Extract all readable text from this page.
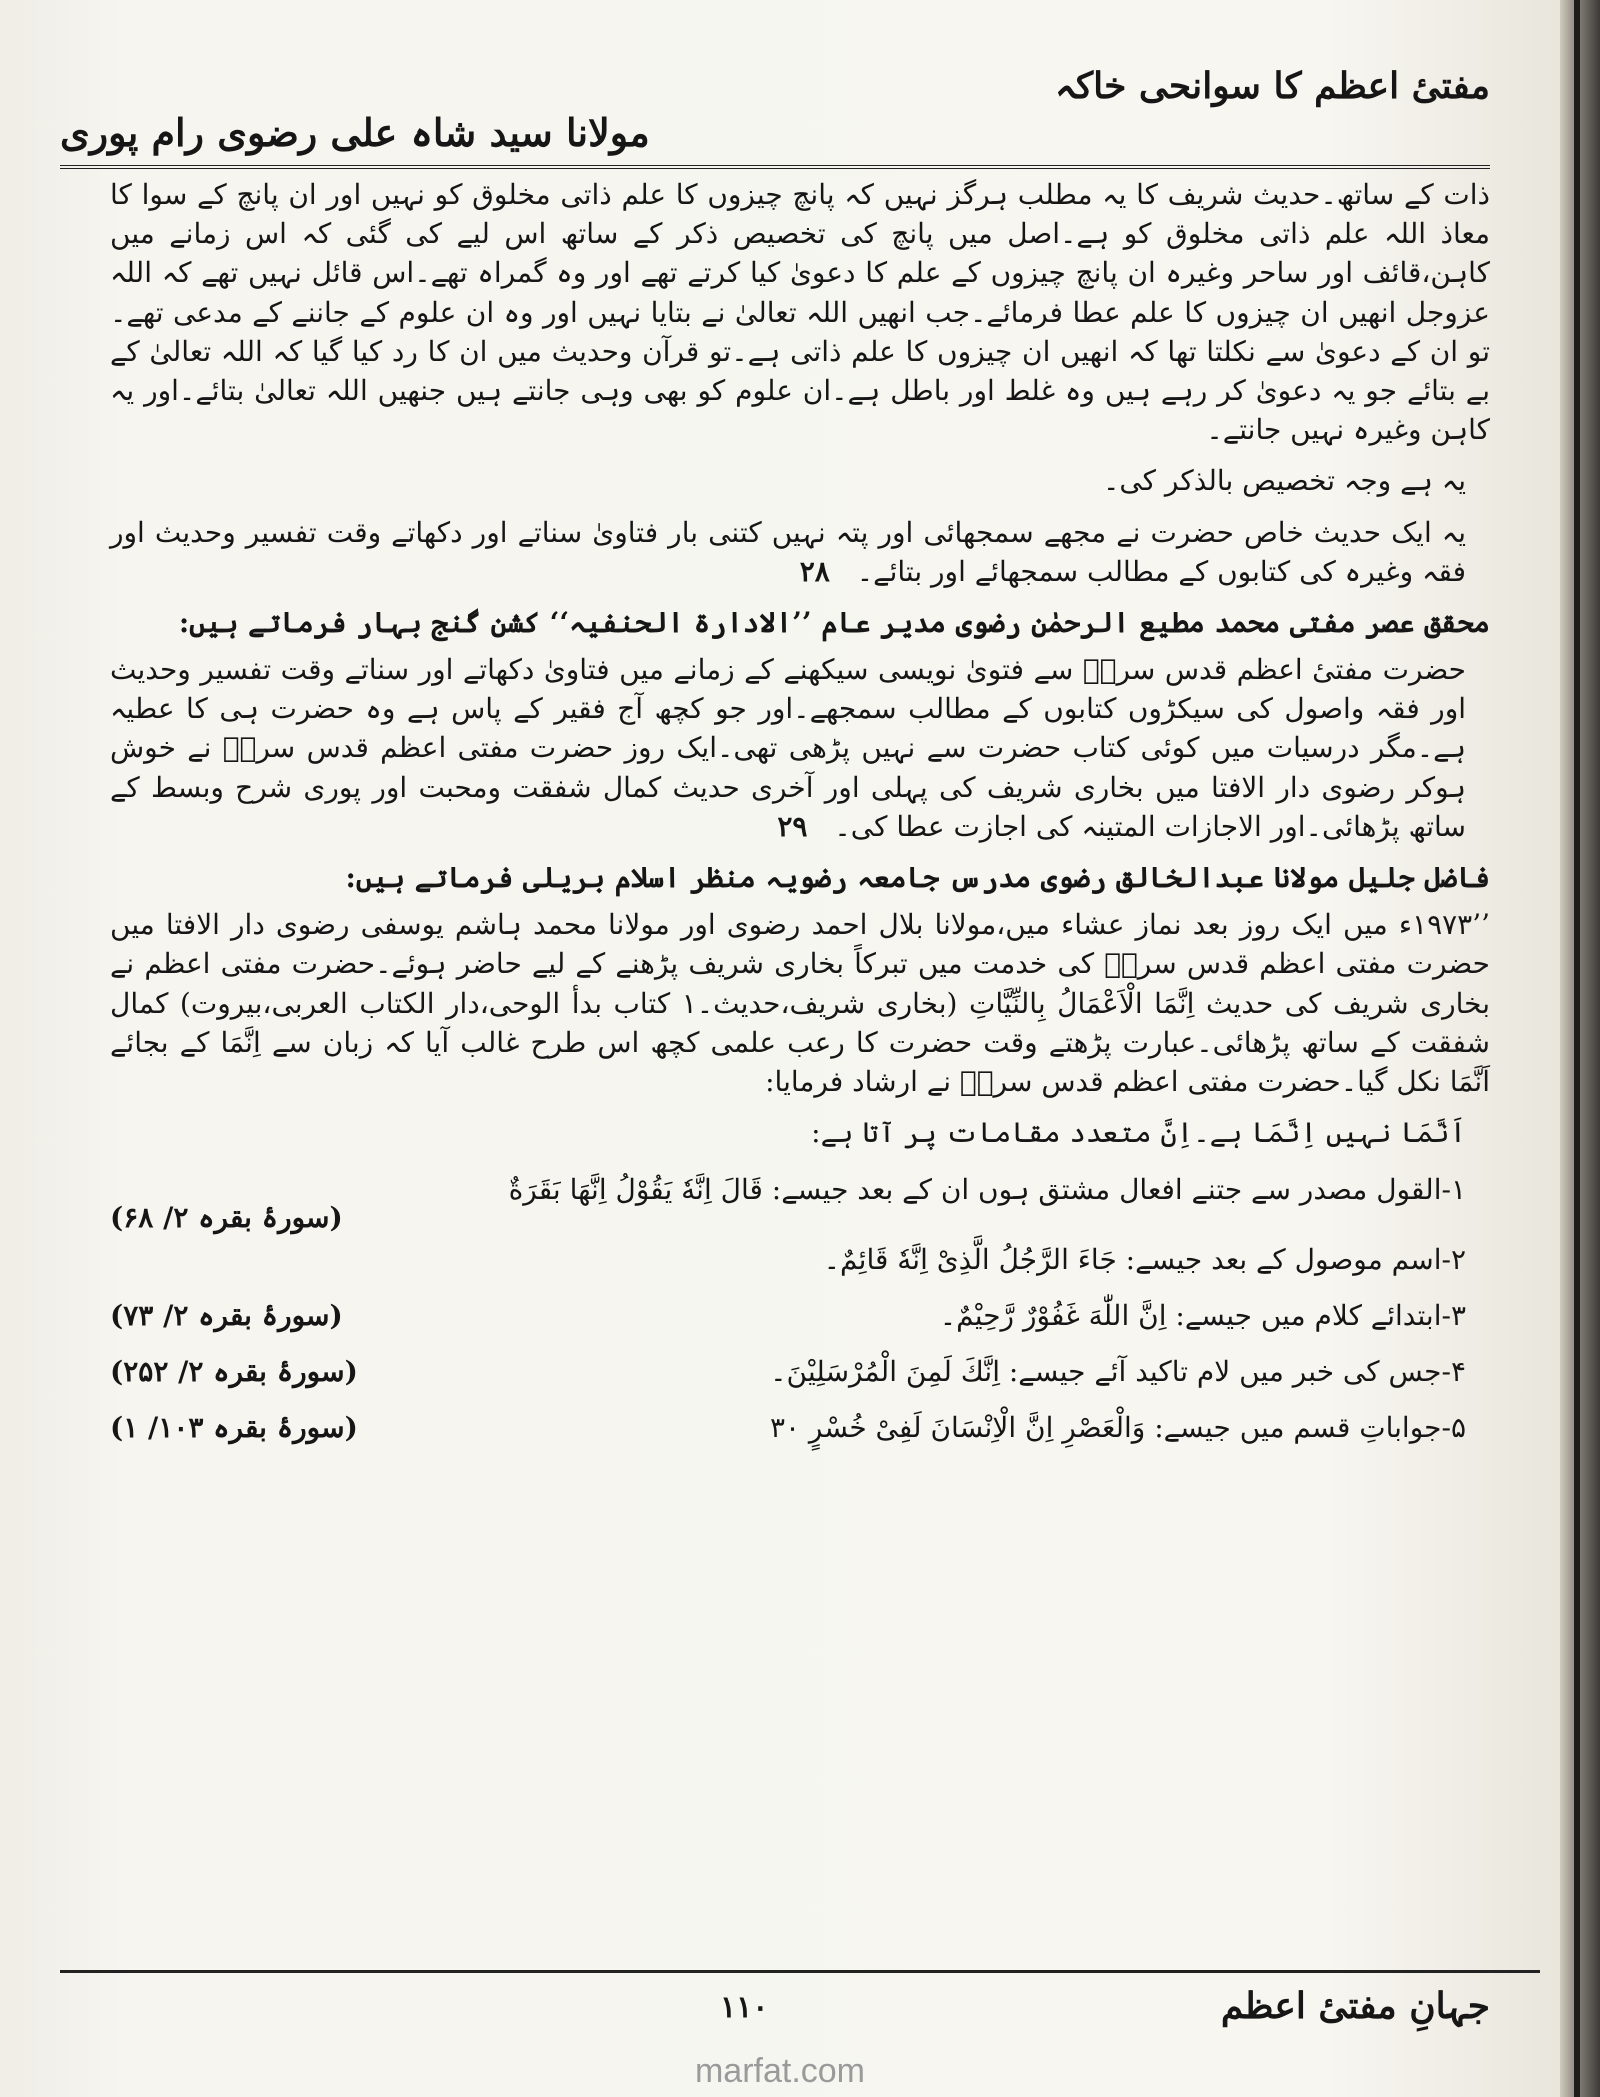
مفتیٔ اعظم کا سوانحی خاکہ
مولانا سید شاہ علی رضوی رام پوری

ذات کے ساتھ۔حدیث شریف کا یہ مطلب ہرگز نہیں کہ پانچ چیزوں کا علم ذاتی مخلوق کو نہیں اور ان پانچ کے سوا کا معاذ اللہ علم ذاتی مخلوق کو ہے۔اصل میں پانچ کی تخصیص ذکر کے ساتھ اس لیے کی گئی کہ اس زمانے میں کاہن،قائف اور ساحر وغیرہ ان پانچ چیزوں کے علم کا دعویٰ کیا کرتے تھے اور وہ گمراہ تھے۔اس قائل نہیں تھے کہ اللہ عزوجل انھیں ان چیزوں کا علم عطا فرمائے۔جب انھیں اللہ تعالیٰ نے بتایا نہیں اور وہ ان علوم کے جاننے کے مدعی تھے۔تو ان کے دعویٰ سے نکلتا تھا کہ انھیں ان چیزوں کا علم ذاتی ہے۔تو قرآن وحدیث میں ان کا رد کیا گیا کہ اللہ تعالیٰ کے بے بتائے جو یہ دعویٰ کر رہے ہیں وہ غلط اور باطل ہے۔ان علوم کو بھی وہی جانتے ہیں جنھیں اللہ تعالیٰ بتائے۔اور یہ کاہن وغیرہ نہیں جانتے۔

یہ ہے وجہ تخصیص بالذکر کی۔

یہ ایک حدیث خاص حضرت نے مجھے سمجھائی اور پتہ نہیں کتنی بار فتاویٰ سناتے اور دکھاتے وقت تفسیر وحدیث اور فقہ وغیرہ کی کتابوں کے مطالب سمجھائے اور بتائے۔ ۲۸

محقق عصر مفتی محمد مطیع الرحمٰن رضوی مدیر عام ’’الادارۃ الحنفیہ‘‘ کشن گنج بہار فرماتے ہیں:

حضرت مفتیٔ اعظم قدس سرہٗ سے فتویٰ نویسی سیکھنے کے زمانے میں فتاویٰ دکھاتے اور سناتے وقت تفسیر وحدیث اور فقہ واصول کی سیکڑوں کتابوں کے مطالب سمجھے۔اور جو کچھ آج فقیر کے پاس ہے وہ حضرت ہی کا عطیہ ہے۔مگر درسیات میں کوئی کتاب حضرت سے نہیں پڑھی تھی۔ایک روز حضرت مفتی اعظم قدس سرہٗ نے خوش ہوکر رضوی دار الافتا میں بخاری شریف کی پہلی اور آخری حدیث کمال شفقت ومحبت اور پوری شرح وبسط کے ساتھ پڑھائی۔اور الاجازات المتینہ کی اجازت عطا کی۔ ۲۹

فاضل جلیل مولانا عبدالخالق رضوی مدرس جامعہ رضویہ منظر اسلام بریلی فرماتے ہیں:

’’۱۹۷۳ء میں ایک روز بعد نماز عشاء میں،مولانا بلال احمد رضوی اور مولانا محمد ہاشم یوسفی رضوی دار الافتا میں حضرت مفتی اعظم قدس سرہٗ کی خدمت میں تبرکاً بخاری شریف پڑھنے کے لیے حاضر ہوئے۔حضرت مفتی اعظم نے بخاری شریف کی حدیث اِنَّمَا الْاَعْمَالُ بِالنِّیَّاتِ (بخاری شریف،حدیث۔۱ کتاب بدأ الوحی،دار الکتاب العربی،بیروت) کمال شفقت کے ساتھ پڑھائی۔عبارت پڑھتے وقت حضرت کا رعب علمی کچھ اس طرح غالب آیا کہ زبان سے اِنَّمَا کے بجائے اَنَّمَا نکل گیا۔حضرت مفتی اعظم قدس سرہٗ نے ارشاد فرمایا:

اَنَّمَا نہیں اِنَّمَا ہے۔اِنَّ متعدد مقامات پر آتا ہے:

۱-القول مصدر سے جتنے افعال مشتق ہوں ان کے بعد جیسے: قَالَ اِنَّهٗ یَقُوْلُ اِنَّهَا بَقَرَةٌ
(سورۂ بقرہ ۲/ ۶۸)
۲-اسم موصول کے بعد جیسے: جَاءَ الرَّجُلُ الَّذِیْ اِنَّهٗ قَائِمٌ۔
۳-ابتدائے کلام میں جیسے: اِنَّ اللّٰهَ غَفُوْرٌ رَّحِیْمٌ۔
(سورۂ بقرہ ۲/ ۷۳)
۴-جس کی خبر میں لام تاکید آئے جیسے: اِنَّكَ لَمِنَ الْمُرْسَلِیْنَ۔
(سورۂ بقرہ ۲/ ۲۵۲)
۵-جواباتِ قسم میں جیسے: وَالْعَصْرِ اِنَّ الْاِنْسَانَ لَفِیْ خُسْرٍ ۳۰
(سورۂ بقرہ ۱۰۳/ ۱)
جہانِ مفتیٔ اعظم
۱۱۰
marfat.com
